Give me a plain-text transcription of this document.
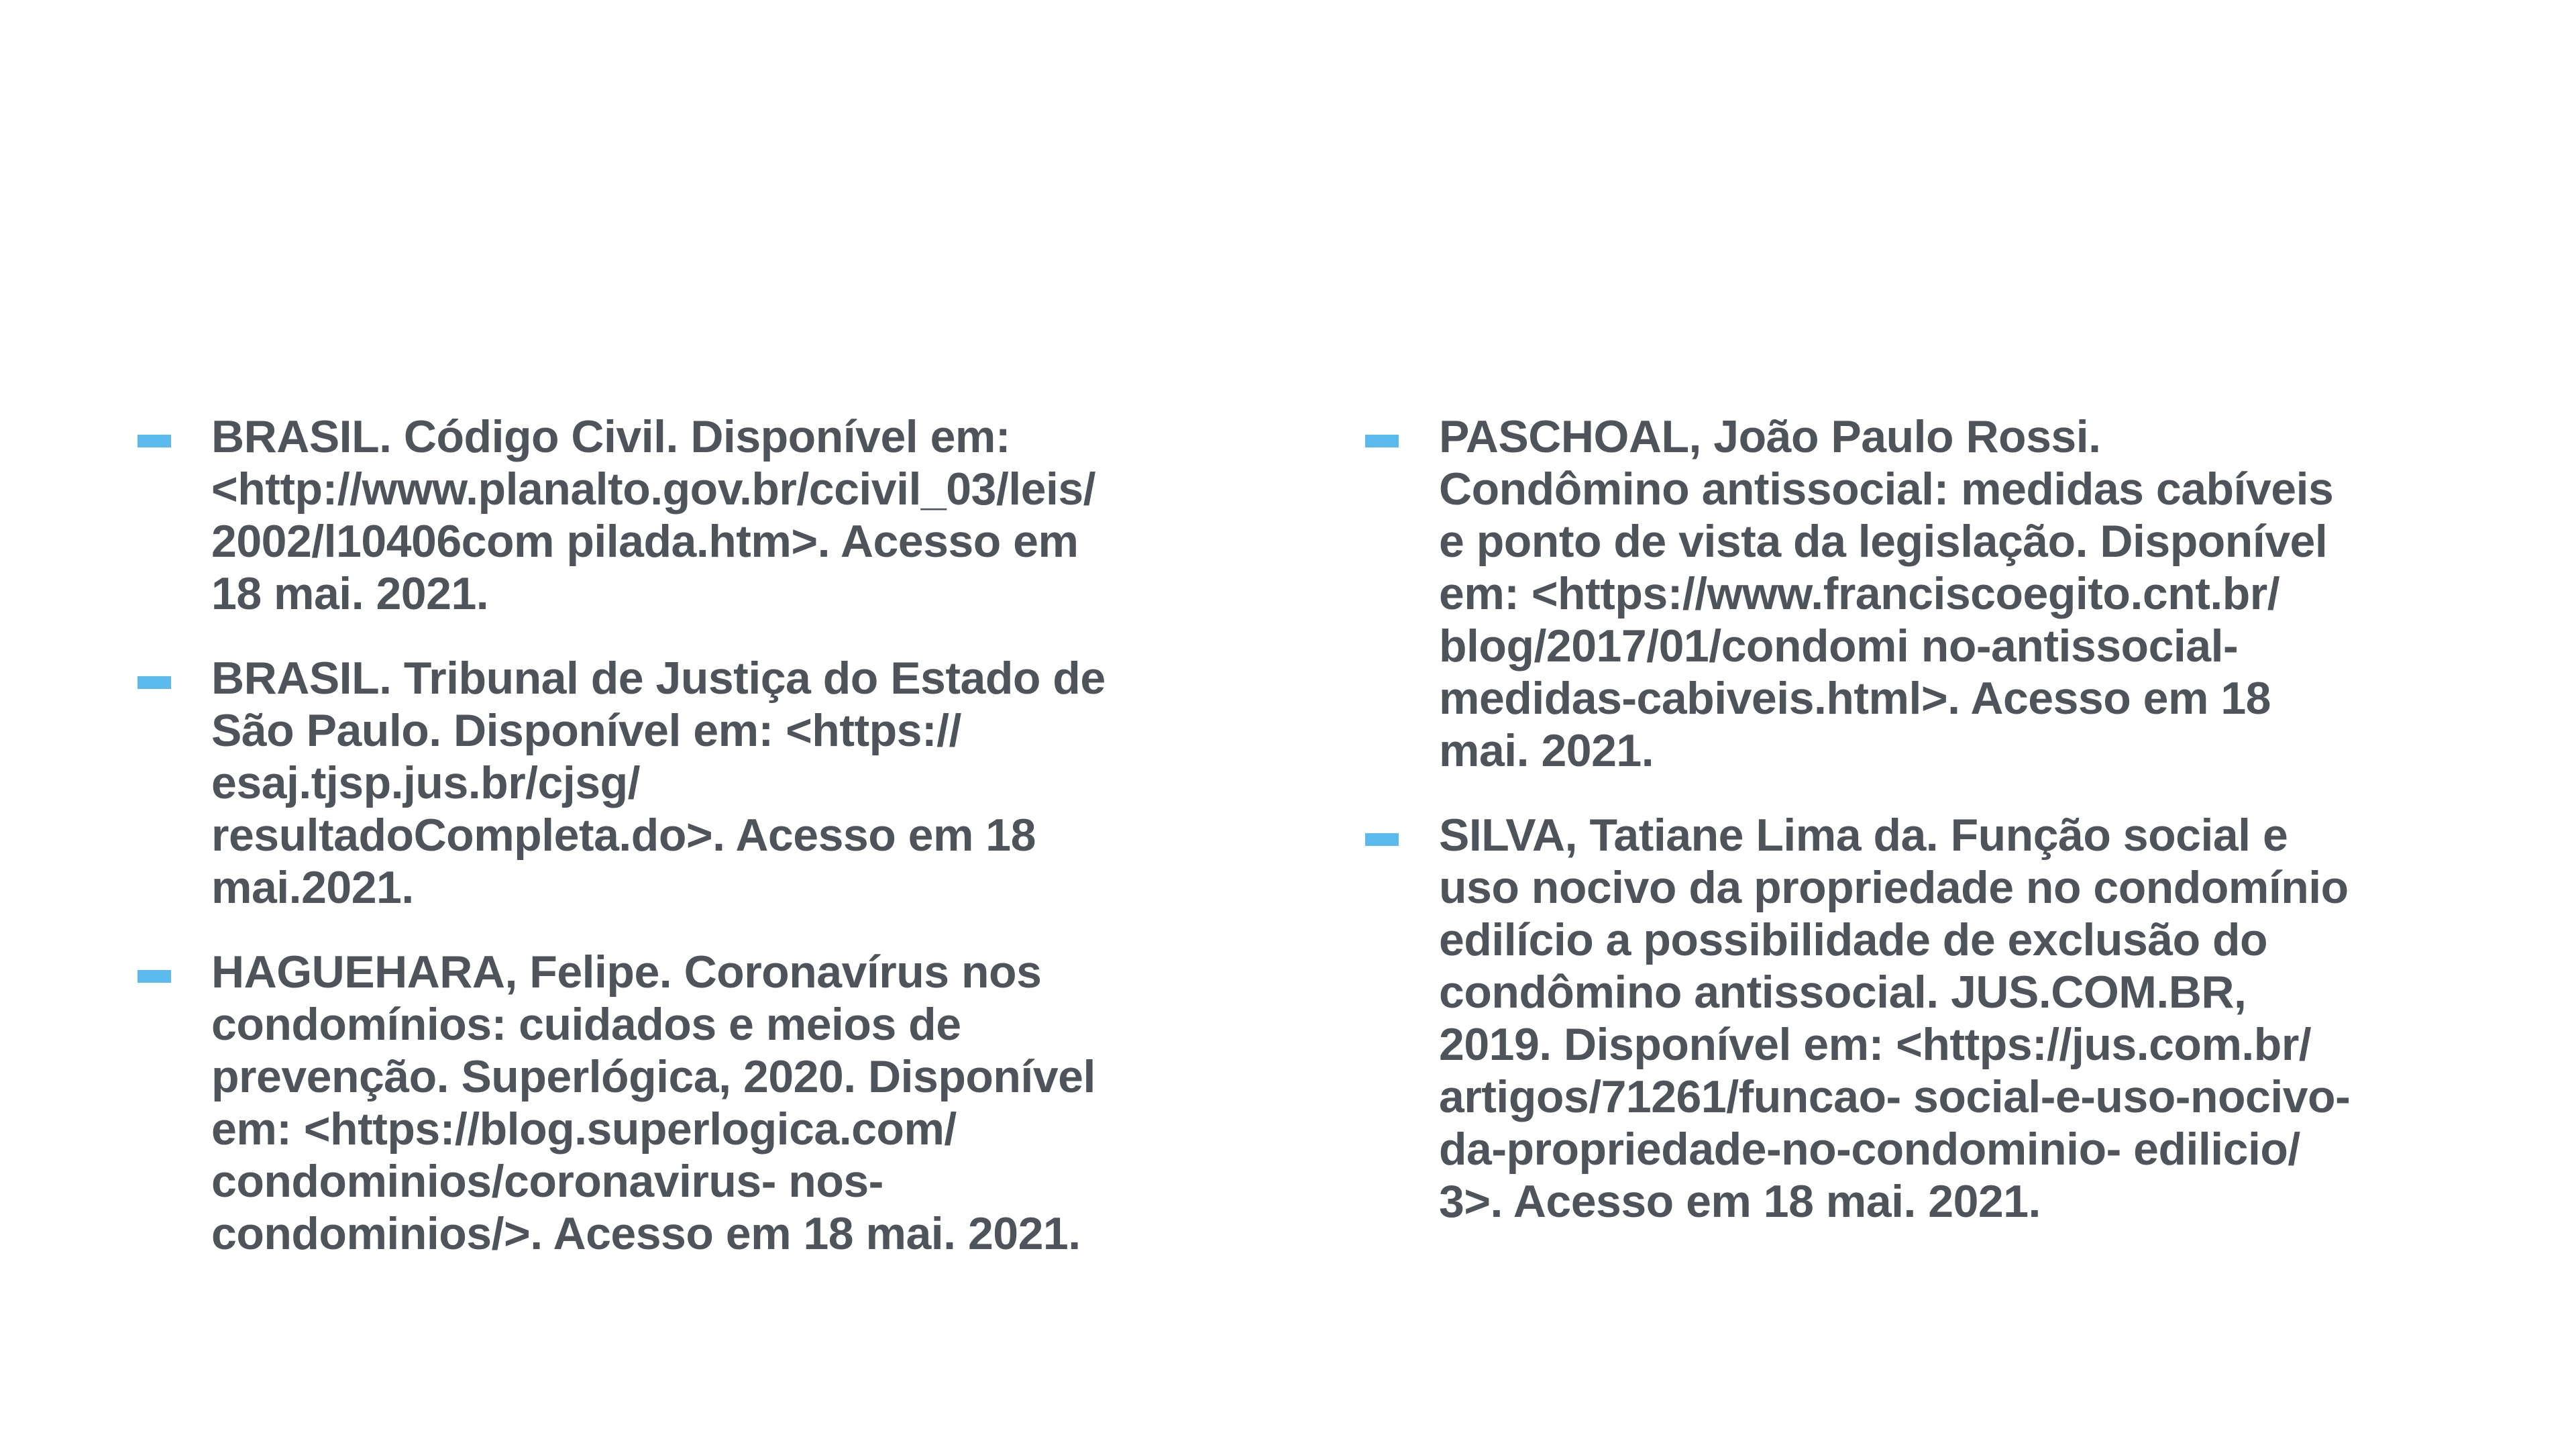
BRASIL. Código Civil. Disponível em:
<http://www.planalto.gov.br/ccivil_03/leis/
2002/l10406com pilada.htm>. Acesso em
18 mai. 2021.
BRASIL. Tribunal de Justiça do Estado de
São Paulo. Disponível em: <https://
esaj.tjsp.jus.br/cjsg/
resultadoCompleta.do>. Acesso em 18
mai.2021.
HAGUEHARA, Felipe. Coronavírus nos
condomínios: cuidados e meios de
prevenção. Superlógica, 2020. Disponível
em: <https://blog.superlogica.com/
condominios/coronavirus- nos-
condominios/>. Acesso em 18 mai. 2021.
PASCHOAL, João Paulo Rossi.
Condômino antissocial: medidas cabíveis
e ponto de vista da legislação. Disponível
em: <https://www.franciscoegito.cnt.br/
blog/2017/01/condomi no-antissocial-
medidas-cabiveis.html>. Acesso em 18
mai. 2021.
SILVA, Tatiane Lima da. Função social e
uso nocivo da propriedade no condomínio
edilício a possibilidade de exclusão do
condômino antissocial. JUS.COM.BR,
2019. Disponível em: <https://jus.com.br/
artigos/71261/funcao- social-e-uso-nocivo-
da-propriedade-no-condominio- edilicio/
3>. Acesso em 18 mai. 2021.
